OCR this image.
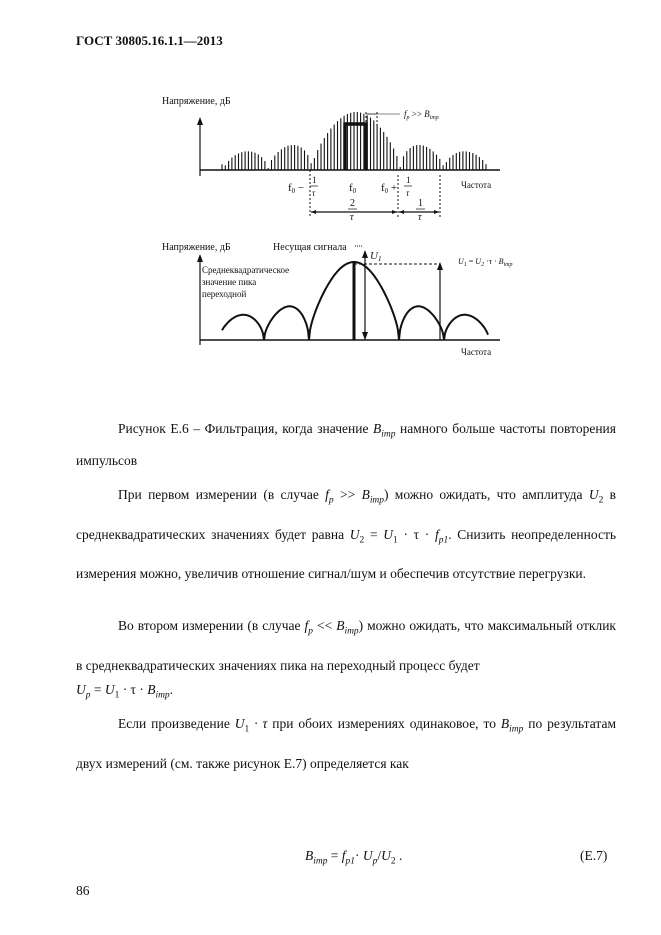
ГОСТ 30805.16.1.1—2013
Напряжение, дБ
Частота
$f_p >> B_{imp}$
f0 −
1
τ	f0 f0 +
1
τ
2
τ
1
τ
Напряжение, дБ	Несущая сигнала
U1	$U_1 = U_2 \cdot\tau \cdot B_{imp}$
Частота
Среднеквадратическое
значение пика
переходной
Рисунок Е.6 – Фильтрация, когда значение $B_{imp}$ намного больше частоты повторения импульсов
При первом измерении (в случае $f_p >> B_{imp}$) можно ожидать, что амплитуда $U_2$ в среднеквадратических значениях будет равна $U_2 = U_1 \cdot \tau \cdot f_{p1}$. Снизить неопределенность измерения можно, увеличив отношение сигнал/шум и обеспечив отсутствие перегрузки.
Во втором измерении (в случае $f_p << B_{imp}$) можно ожидать, что максимальный отклик в среднеквадратических значениях пика на переходный процесс будет
$U_p = U_1 \cdot \tau \cdot B_{imp}$.
Если произведение $U_1 \cdot \tau$ при обоих измерениях одинаковое, то $B_{imp}$ по результатам двух измерений (см. также рисунок Е.7) определяется как
$B_{imp} = f_{p1}\cdot U_p/U_2$ .	(Е.7)
86
